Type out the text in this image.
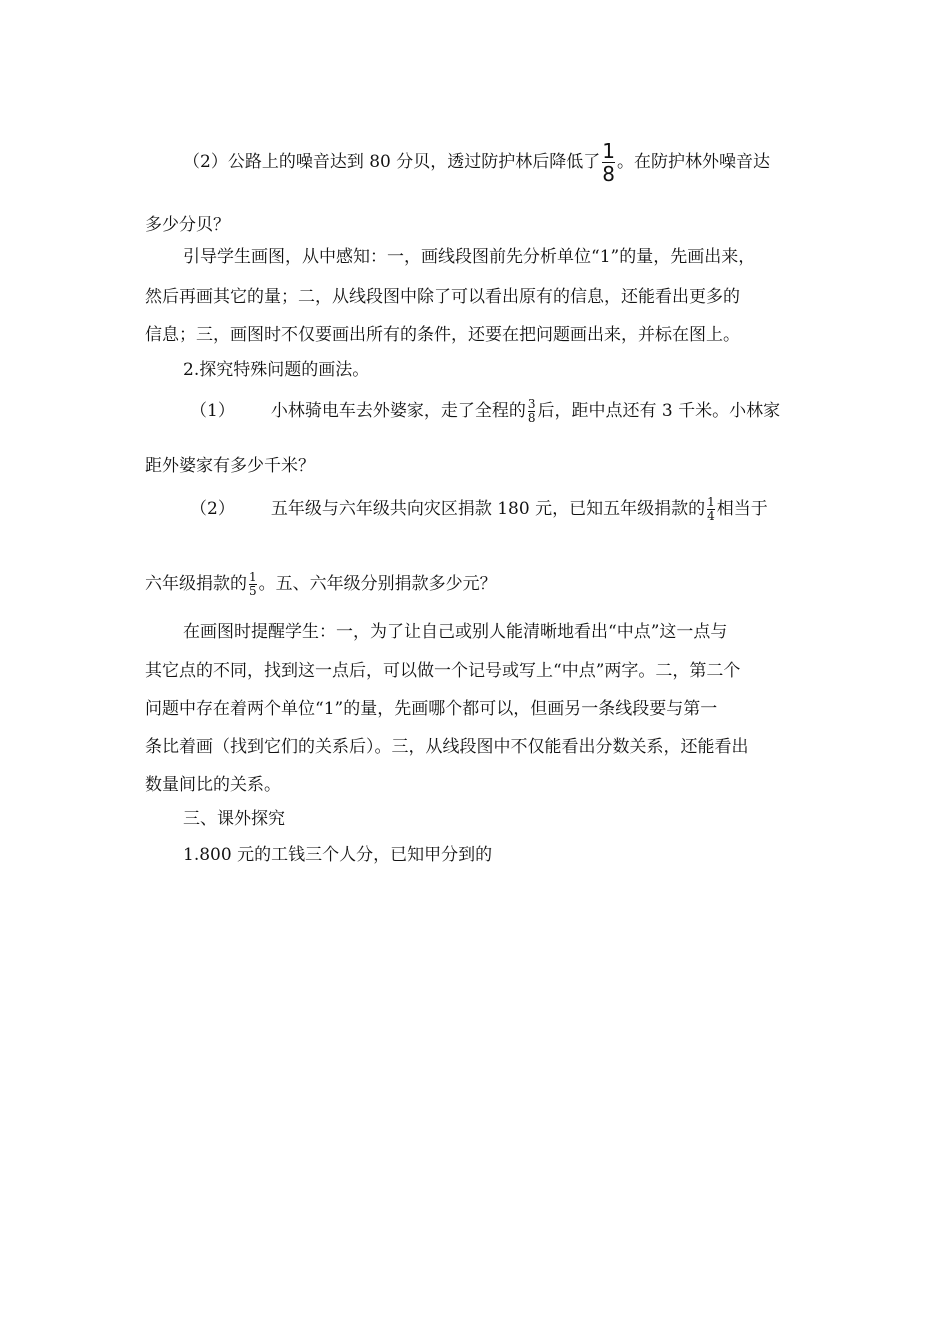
（2）公路上的噪音达到 80 分贝，透过防护林后降低了 $\frac{1}{8}$ 。在防护林外噪音达
多少分贝？
引导学生画图，从中感知：一，画线段图前先分析单位“1”的量，先画出来，
然后再画其它的量；二，从线段图中除了可以看出原有的信息，还能看出更多的
信息；三，画图时不仅要画出所有的条件，还要在把问题画出来，并标在图上。
2.探究特殊问题的画法。
（1） 小林骑电车去外婆家，走了全程的 $\frac{3}{8}$ 后，距中点还有 3 千米。小林家
距外婆家有多少千米？
（2） 五年级与六年级共向灾区捐款 180 元，已知五年级捐款的 $\frac{1}{4}$ 相当于
六年级捐款的 $\frac{1}{5}$ 。五、六年级分别捐款多少元？
在画图时提醒学生：一，为了让自己或别人能清晰地看出“中点”这一点与
其它点的不同，找到这一点后，可以做一个记号或写上“中点”两字。二，第二个
问题中存在着两个单位“1”的量，先画哪个都可以，但画另一条线段要与第一
条比着画（找到它们的关系后）。三，从线段图中不仅能看出分数关系，还能看出
数量间比的关系。
三、课外探究
1.800 元的工钱三个人分，已知甲分到的
